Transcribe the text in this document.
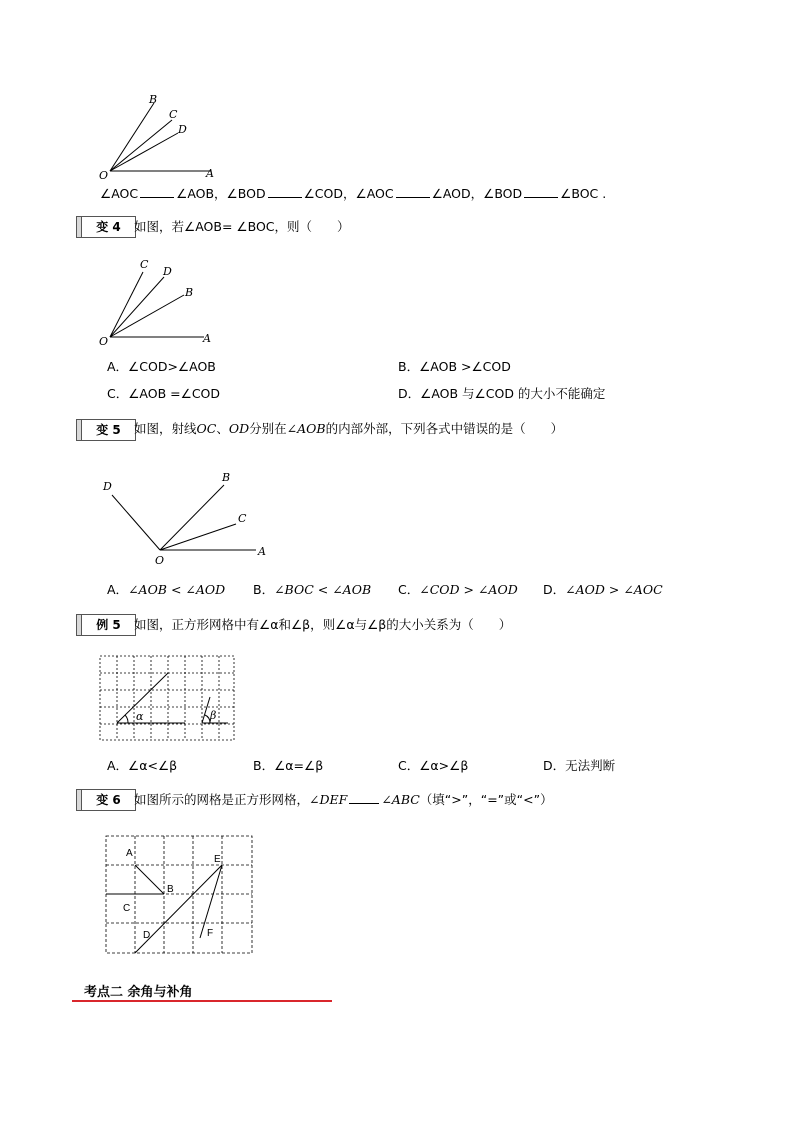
O	A
B
C
D
∠AOC	∠AOB，∠BOD	∠COD，∠AOC	∠AOD，∠BOD	∠BOC .
变 4	如图，若∠AOB= ∠BOC，则（　　）
O	A
B
C
D
A．∠COD>∠AOB	B．∠AOB >∠COD
C．∠AOB =∠COD	D．∠AOB 与∠COD 的大小不能确定
变 5	如图，射线OC、OD分别在∠AOB的内部外部，下列各式中错误的是（　　）
O
A
B
C
D
A．∠AOB < ∠AOD B．∠BOC < ∠AOB C．∠COD > ∠AOD D．∠AOD > ∠AOC
例 5	如图，正方形网格中有∠α和∠β，则∠α与∠β的大小关系为（　　）
α	β
A．∠α<∠β	B．∠α=∠β	C．∠α>∠β	D．无法判断
变 6	如图所示的网格是正方形网格，∠DEF	∠ABC（填“>”，“=”或“<”）
A
B
C
D
E
F
考点二 余角与补角
